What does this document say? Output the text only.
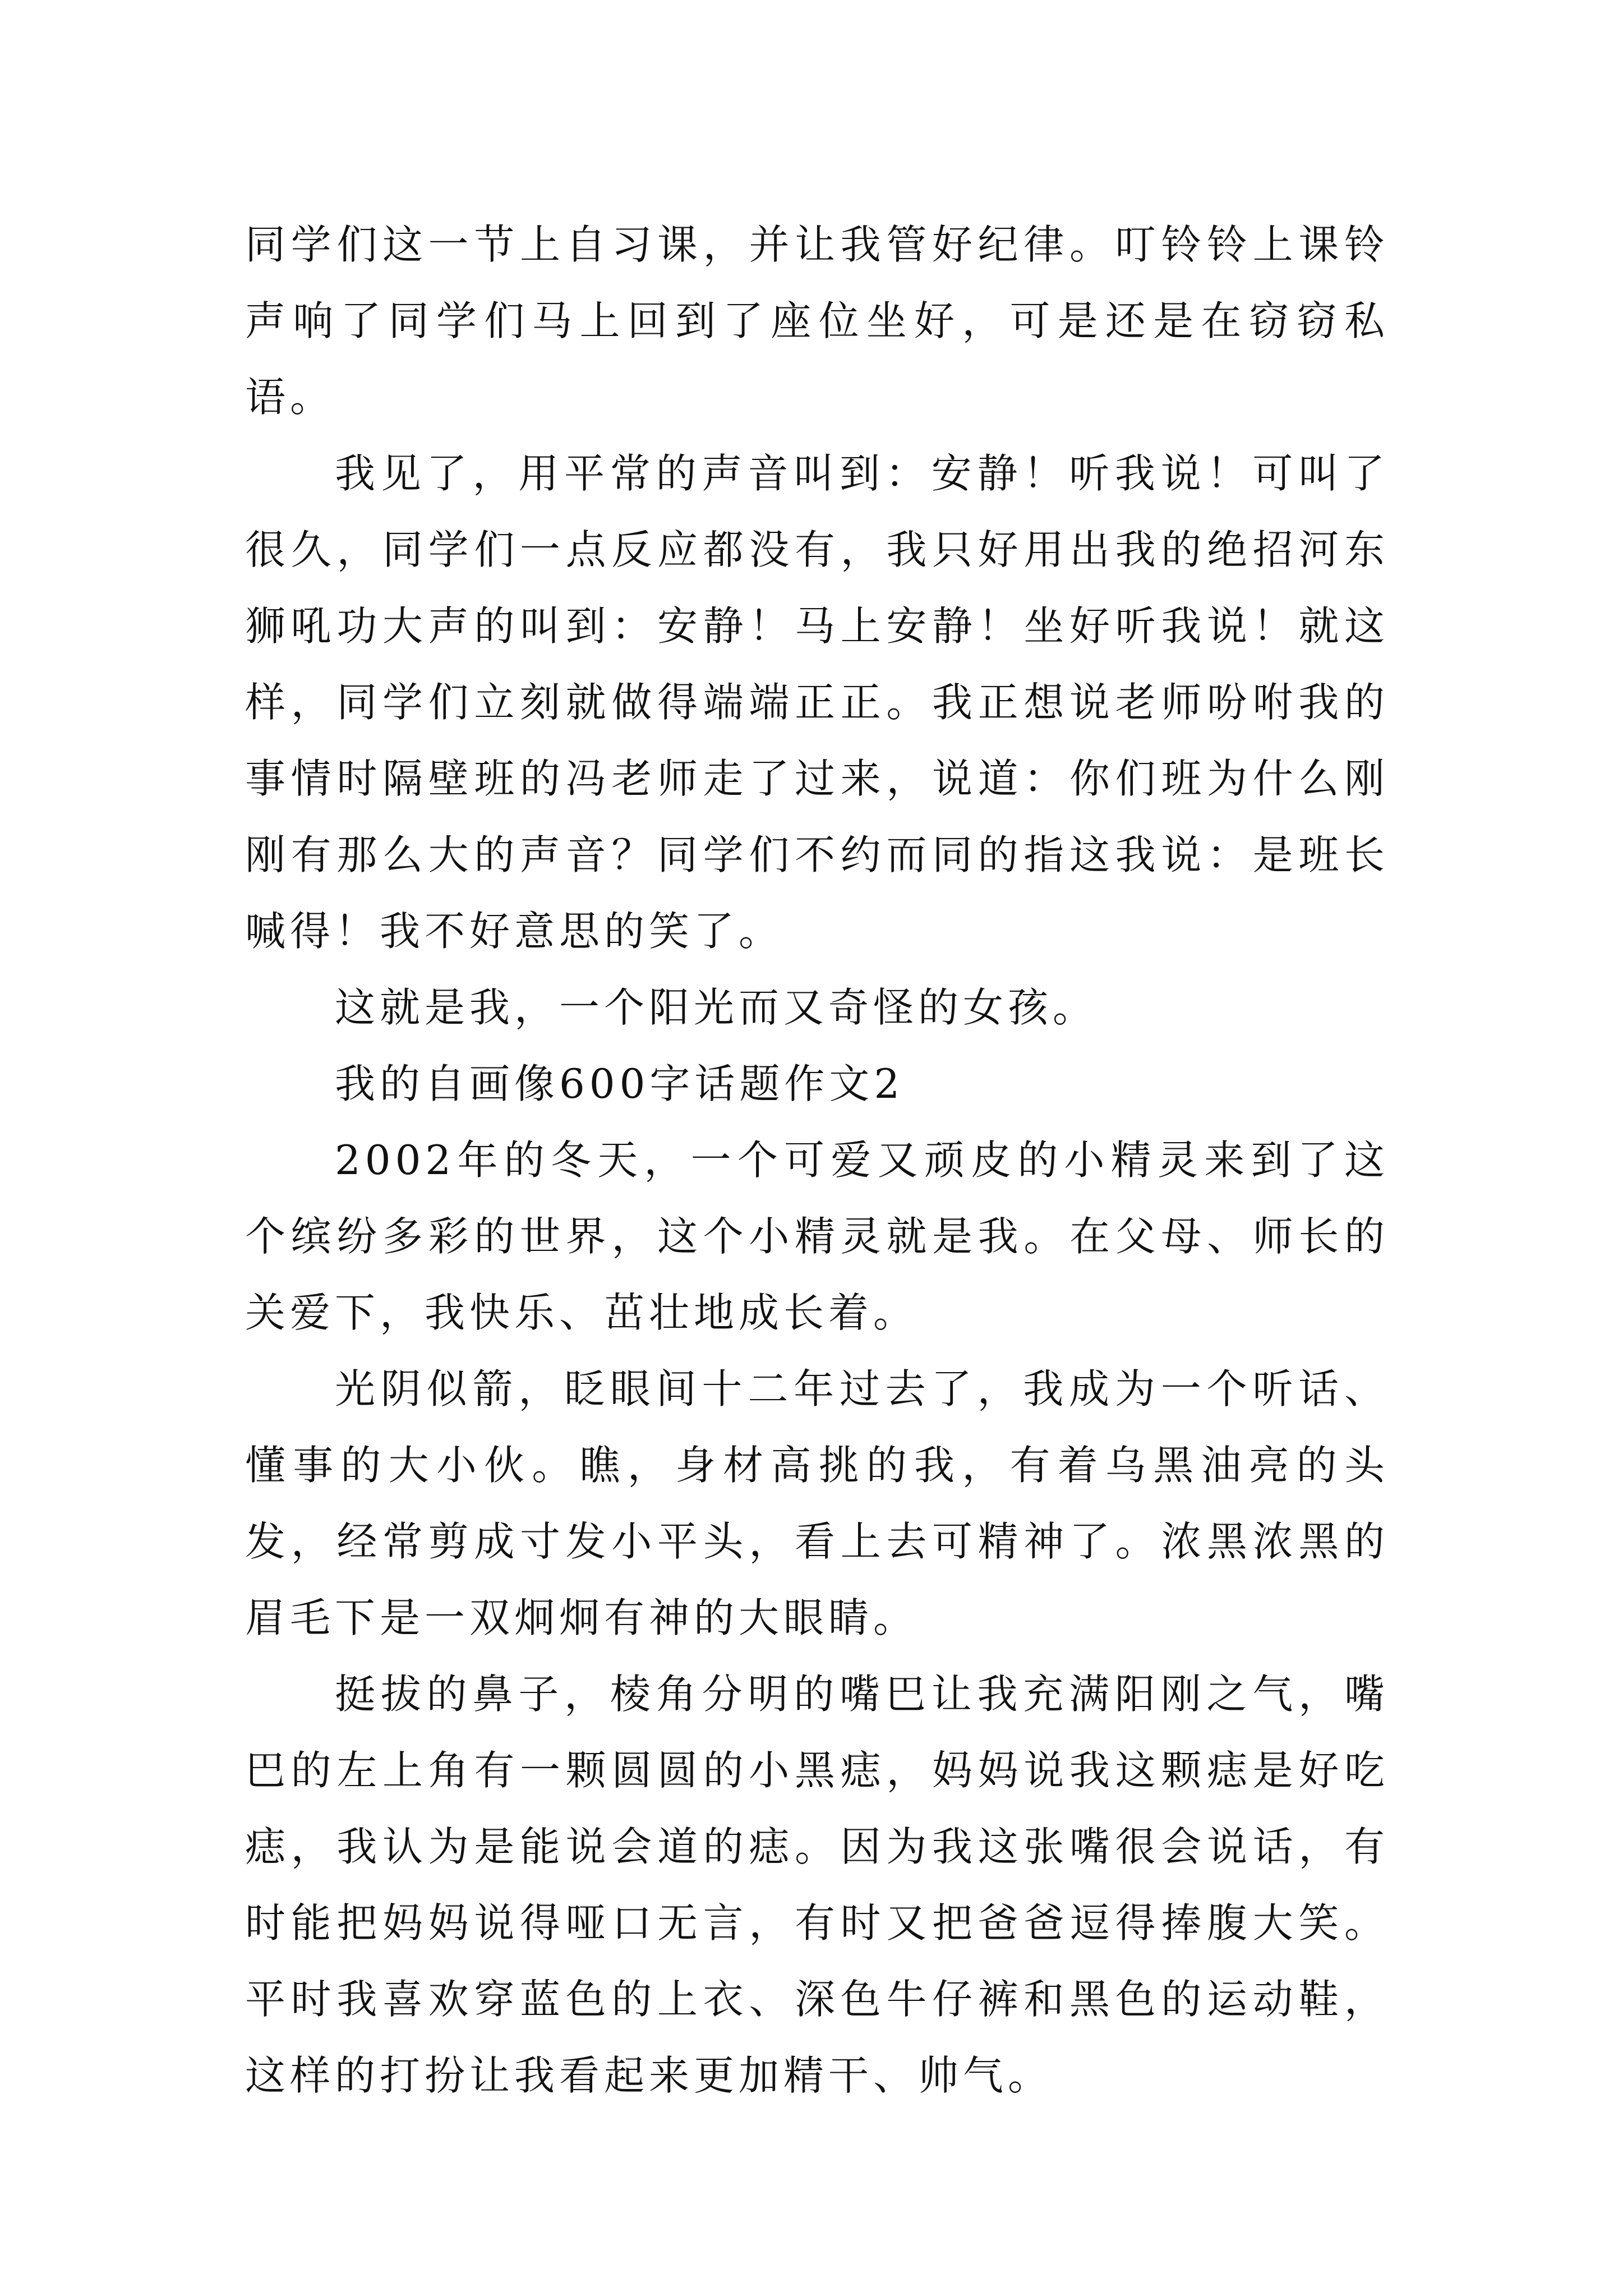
同学们这一节上自习课，并让我管好纪律。叮铃铃上课铃声响了同学们马上回到了座位坐好，可是还是在窃窃私语。

我见了，用平常的声音叫到：安静！听我说！可叫了很久，同学们一点反应都没有，我只好用出我的绝招河东狮吼功大声的叫到：安静！马上安静！坐好听我说！就这样，同学们立刻就做得端端正正。我正想说老师吩咐我的事情时隔壁班的冯老师走了过来，说道：你们班为什么刚刚有那么大的声音？同学们不约而同的指这我说：是班长喊得！我不好意思的笑了。

这就是我，一个阳光而又奇怪的女孩。

我的自画像600字话题作文2

2002年的冬天，一个可爱又顽皮的小精灵来到了这个缤纷多彩的世界，这个小精灵就是我。在父母、师长的关爱下，我快乐、茁壮地成长着。

光阴似箭，眨眼间十二年过去了，我成为一个听话、懂事的大小伙。瞧，身材高挑的我，有着乌黑油亮的头发，经常剪成寸发小平头，看上去可精神了。浓黑浓黑的眉毛下是一双炯炯有神的大眼睛。

挺拔的鼻子，棱角分明的嘴巴让我充满阳刚之气，嘴巴的左上角有一颗圆圆的小黑痣，妈妈说我这颗痣是好吃痣，我认为是能说会道的痣。因为我这张嘴很会说话，有时能把妈妈说得哑口无言，有时又把爸爸逗得捧腹大笑。平时我喜欢穿蓝色的上衣、深色牛仔裤和黑色的运动鞋，这样的打扮让我看起来更加精干、帅气。
